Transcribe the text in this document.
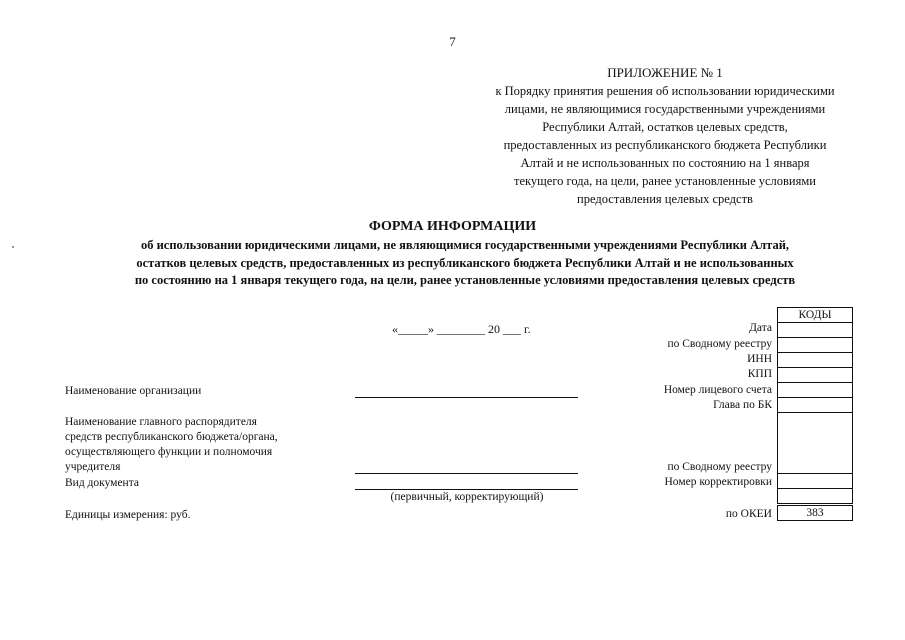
7
ПРИЛОЖЕНИЕ № 1
к Порядку принятия решения об использовании юридическими
лицами, не являющимися государственными учреждениями
Республики Алтай, остатков целевых средств,
предоставленных из республиканского бюджета Республики
Алтай и не использованных по состоянию на 1 января
текущего года, на цели, ранее установленные условиями
предоставления целевых средств
ФОРМА ИНФОРМАЦИИ
об использовании юридическими лицами, не являющимися государственными учреждениями Республики Алтай,
остатков целевых средств, предоставленных из республиканского бюджета Республики Алтай и не использованных
по состоянию на 1 января текущего года, на цели, ранее установленные условиями предоставления целевых средств
«_____» ________ 20 ___ г.
Наименование организации
Наименование главного распорядителя
средств республиканского бюджета/органа,
осуществляющего функции и полномочия
учредителя
Вид документа
(первичный, корректирующий)
Единицы измерения: руб.
Дата
по Сводному реестру
ИНН
КПП
Номер лицевого счета
Глава по БК
по Сводному реестру
Номер корректировки
по ОКЕИ
КОДЫ
383
